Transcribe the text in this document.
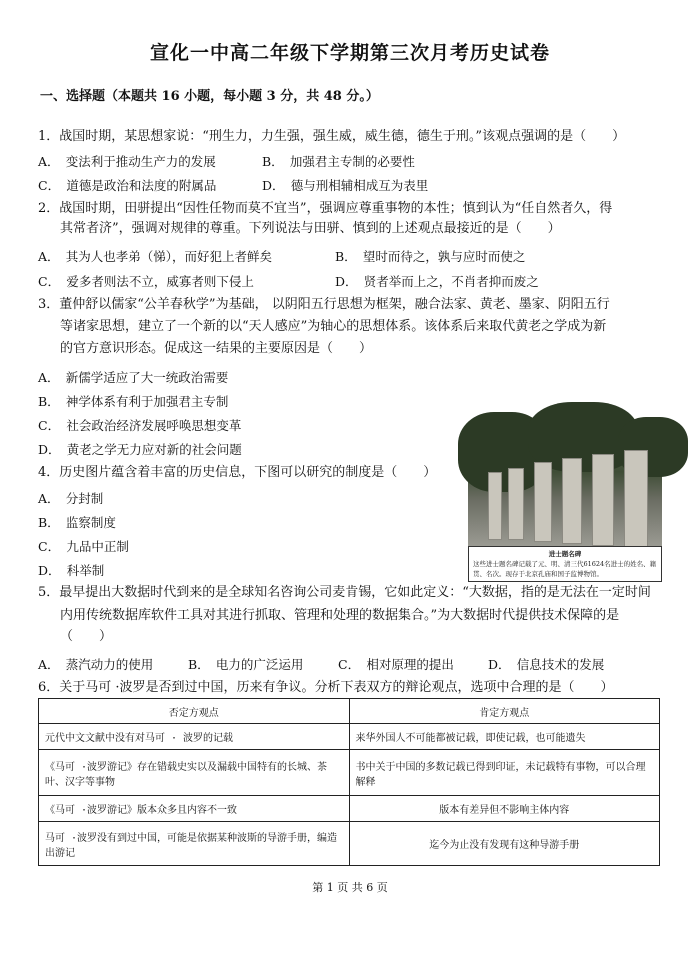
宣化一中高二年级下学期第三次月考历史试卷
一、选择题（本题共 16 小题，每小题 3 分，共 48 分。）
1．战国时期，某思想家说：“刑生力，力生强，强生威，威生德，德生于刑。”该观点强调的是（　　）
A．　变法利于推动生产力的发展	B．　加强君主专制的必要性
C．　道德是政治和法度的附属品	D．　德与刑相辅相成互为表里
2．战国时期，田骈提出“因性任物而莫不宜当”，强调应尊重事物的本性；慎到认为“任自然者久，得
其常者济”，强调对规律的尊重。下列说法与田骈、慎到的上述观点最接近的是（　　）
A．　其为人也孝弟（悌），而好犯上者鲜矣	B．　望时而待之，孰与应时而使之
C．　爱多者则法不立，威寡者则下侵上	D．　贤者举而上之，不肖者抑而废之
3．董仲舒以儒家“公羊春秋学”为基础， 以阴阳五行思想为框架，融合法家、黄老、墨家、阴阳五行
等诸家思想，建立了一个新的以“天人感应”为轴心的思想体系。该体系后来取代黄老之学成为新
的官方意识形态。促成这一结果的主要原因是（　　）
A．　新儒学适应了大一统政治需要
B．　神学体系有利于加强君主专制
C．　社会政治经济发展呼唤思想变革
D．　黄老之学无力应对新的社会问题
4．历史图片蕴含着丰富的历史信息，下图可以研究的制度是（　　）
A．　分封制
B．　监察制度
C．　九品中正制
D．　科举制
进士题名碑
这些进士题名碑记载了元、明、清三代61624名进士的姓名、籍贯、名次。现存于北京孔庙和国子监博物馆。
5．最早提出大数据时代到来的是全球知名咨询公司麦肯锡，它如此定义：“大数据，指的是无法在一定时间
内用传统数据库软件工具对其进行抓取、管理和处理的数据集合。”为大数据时代提供技术保障的是
（　　）
A．　蒸汽动力的使用	B．　电力的广泛运用	C．　相对原理的提出	D．　信息技术的发展
6．关于马可 ·波罗是否到过中国，历来有争议。分析下表双方的辩论观点，选项中合理的是（　　）
否定方观点	肯定方观点
元代中文文献中没有对马可 · 波罗的记载	来华外国人不可能都被记载，即使记载，也可能遗失
《马可 ·波罗游记》存在错载史实以及漏载中国特有的长城、茶叶、汉字等事物	书中关于中国的多数记载已得到印证，未记载特有事物，可以合理解释
《马可 ·波罗游记》版本众多且内容不一致	版本有差异但不影响主体内容
马可 ·波罗没有到过中国，可能是依据某种波斯的导游手册，编造出游记	迄今为止没有发现有这种导游手册
第 1 页 共 6 页
